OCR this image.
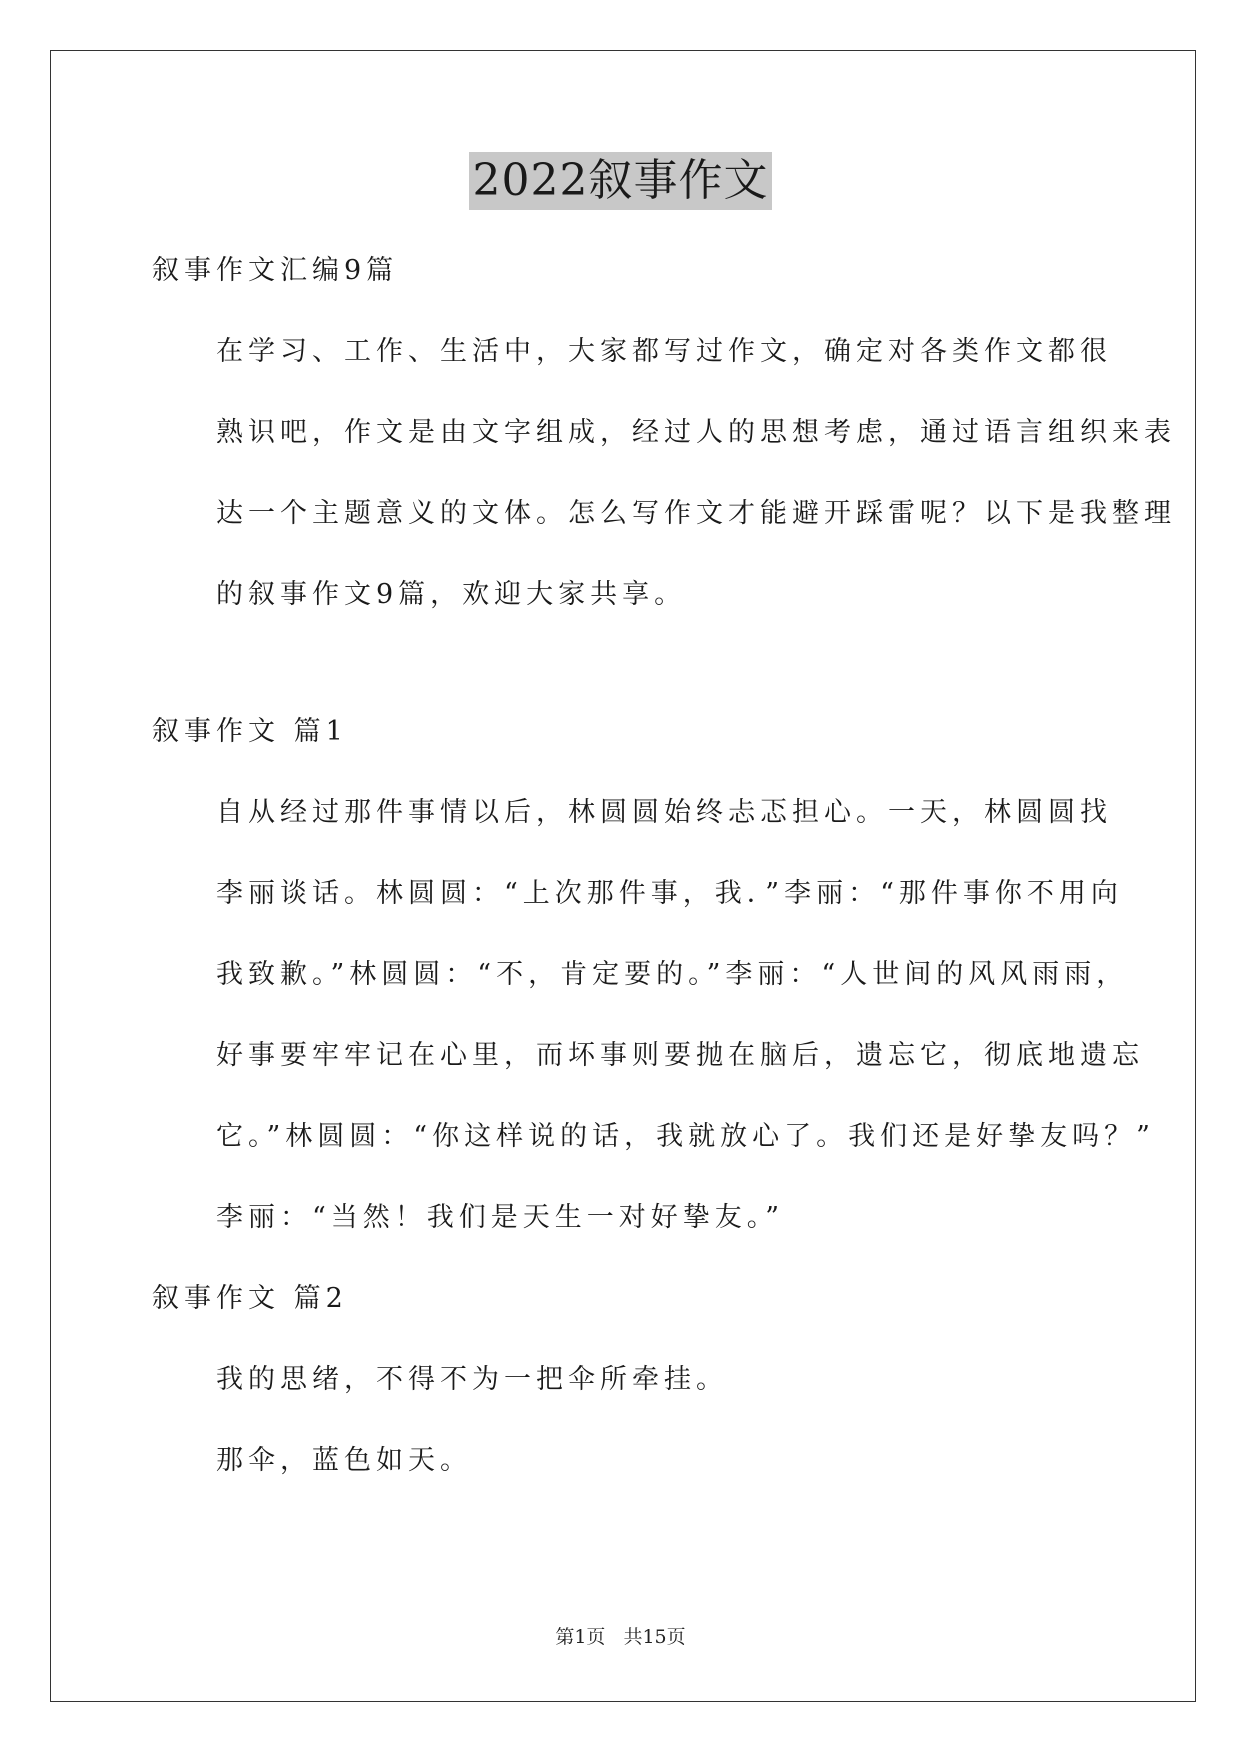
2022叙事作文

叙事作文汇编9篇

在学习、工作、生活中，大家都写过作文，确定对各类作文都很
熟识吧，作文是由文字组成，经过人的思想考虑，通过语言组织来表
达一个主题意义的文体。怎么写作文才能避开踩雷呢？以下是我整理
的叙事作文9篇，欢迎大家共享。

叙事作文 篇1

自从经过那件事情以后，林圆圆始终忐忑担心。一天，林圆圆找
李丽谈话。林圆圆：“上次那件事，我．”李丽：“那件事你不用向
我致歉。”林圆圆：“不，肯定要的。”李丽：“人世间的风风雨雨，
好事要牢牢记在心里，而坏事则要抛在脑后，遗忘它，彻底地遗忘
它。”林圆圆：“你这样说的话，我就放心了。我们还是好挚友吗？”
李丽：“当然！我们是天生一对好挚友。”

叙事作文 篇2

我的思绪，不得不为一把伞所牵挂。

那伞，蓝色如天。

第1页 共15页
